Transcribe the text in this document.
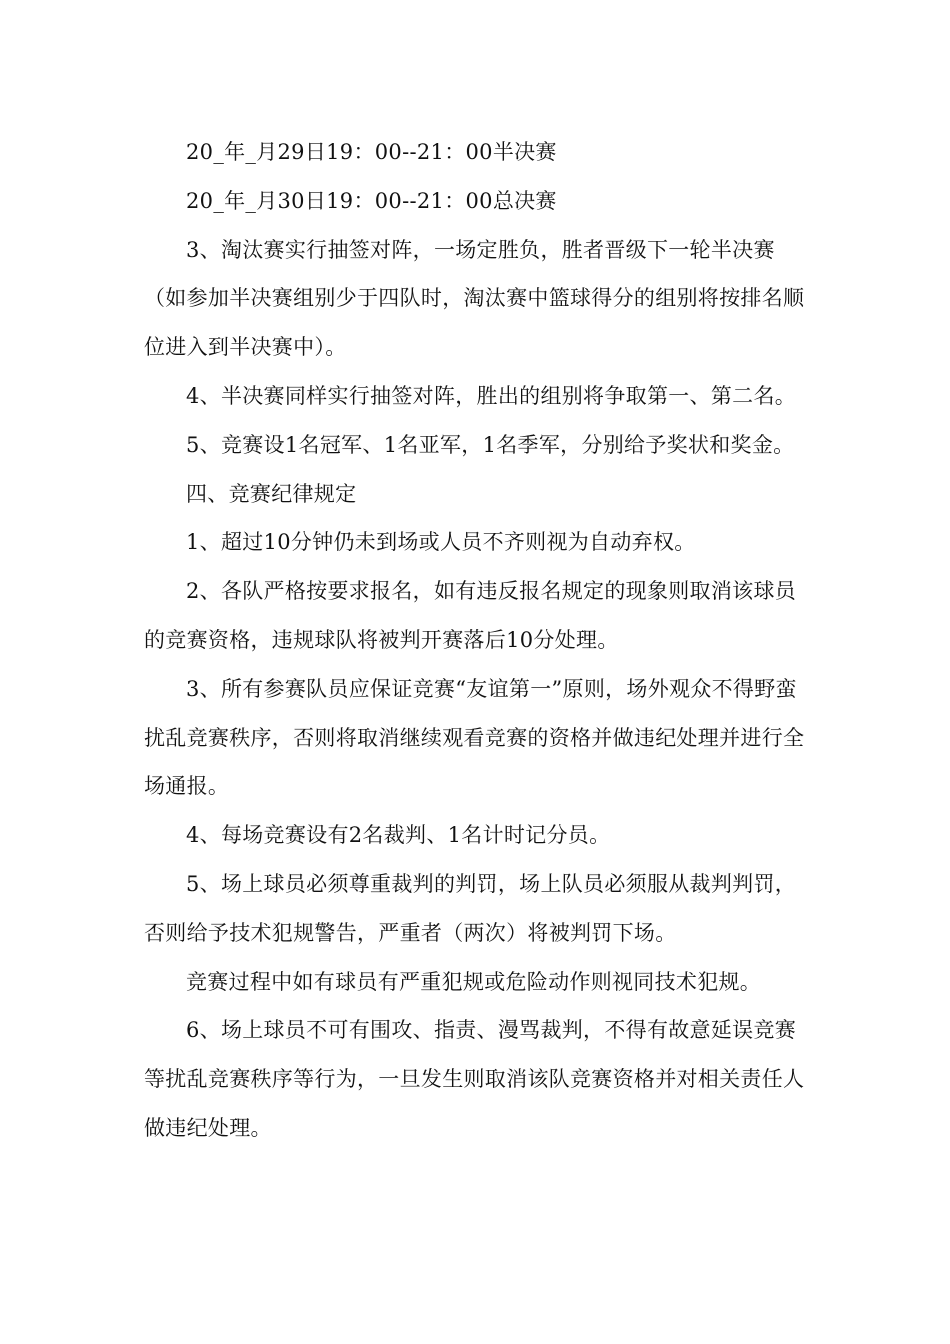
20_年_月29日19：00--21：00半决赛

20_年_月30日19：00--21：00总决赛

3、淘汰赛实行抽签对阵，一场定胜负，胜者晋级下一轮半决赛（如参加半决赛组别少于四队时，淘汰赛中篮球得分的组别将按排名顺位进入到半决赛中）。

4、半决赛同样实行抽签对阵，胜出的组别将争取第一、第二名。

5、竞赛设1名冠军、1名亚军，1名季军，分别给予奖状和奖金。

四、竞赛纪律规定

1、超过10分钟仍未到场或人员不齐则视为自动弃权。

2、各队严格按要求报名，如有违反报名规定的现象则取消该球员的竞赛资格，违规球队将被判开赛落后10分处理。

3、所有参赛队员应保证竞赛“友谊第一”原则，场外观众不得野蛮扰乱竞赛秩序，否则将取消继续观看竞赛的资格并做违纪处理并进行全场通报。

4、每场竞赛设有2名裁判、1名计时记分员。

5、场上球员必须尊重裁判的判罚，场上队员必须服从裁判判罚，否则给予技术犯规警告，严重者（两次）将被判罚下场。

竞赛过程中如有球员有严重犯规或危险动作则视同技术犯规。

6、场上球员不可有围攻、指责、漫骂裁判，不得有故意延误竞赛等扰乱竞赛秩序等行为，一旦发生则取消该队竞赛资格并对相关责任人做违纪处理。
